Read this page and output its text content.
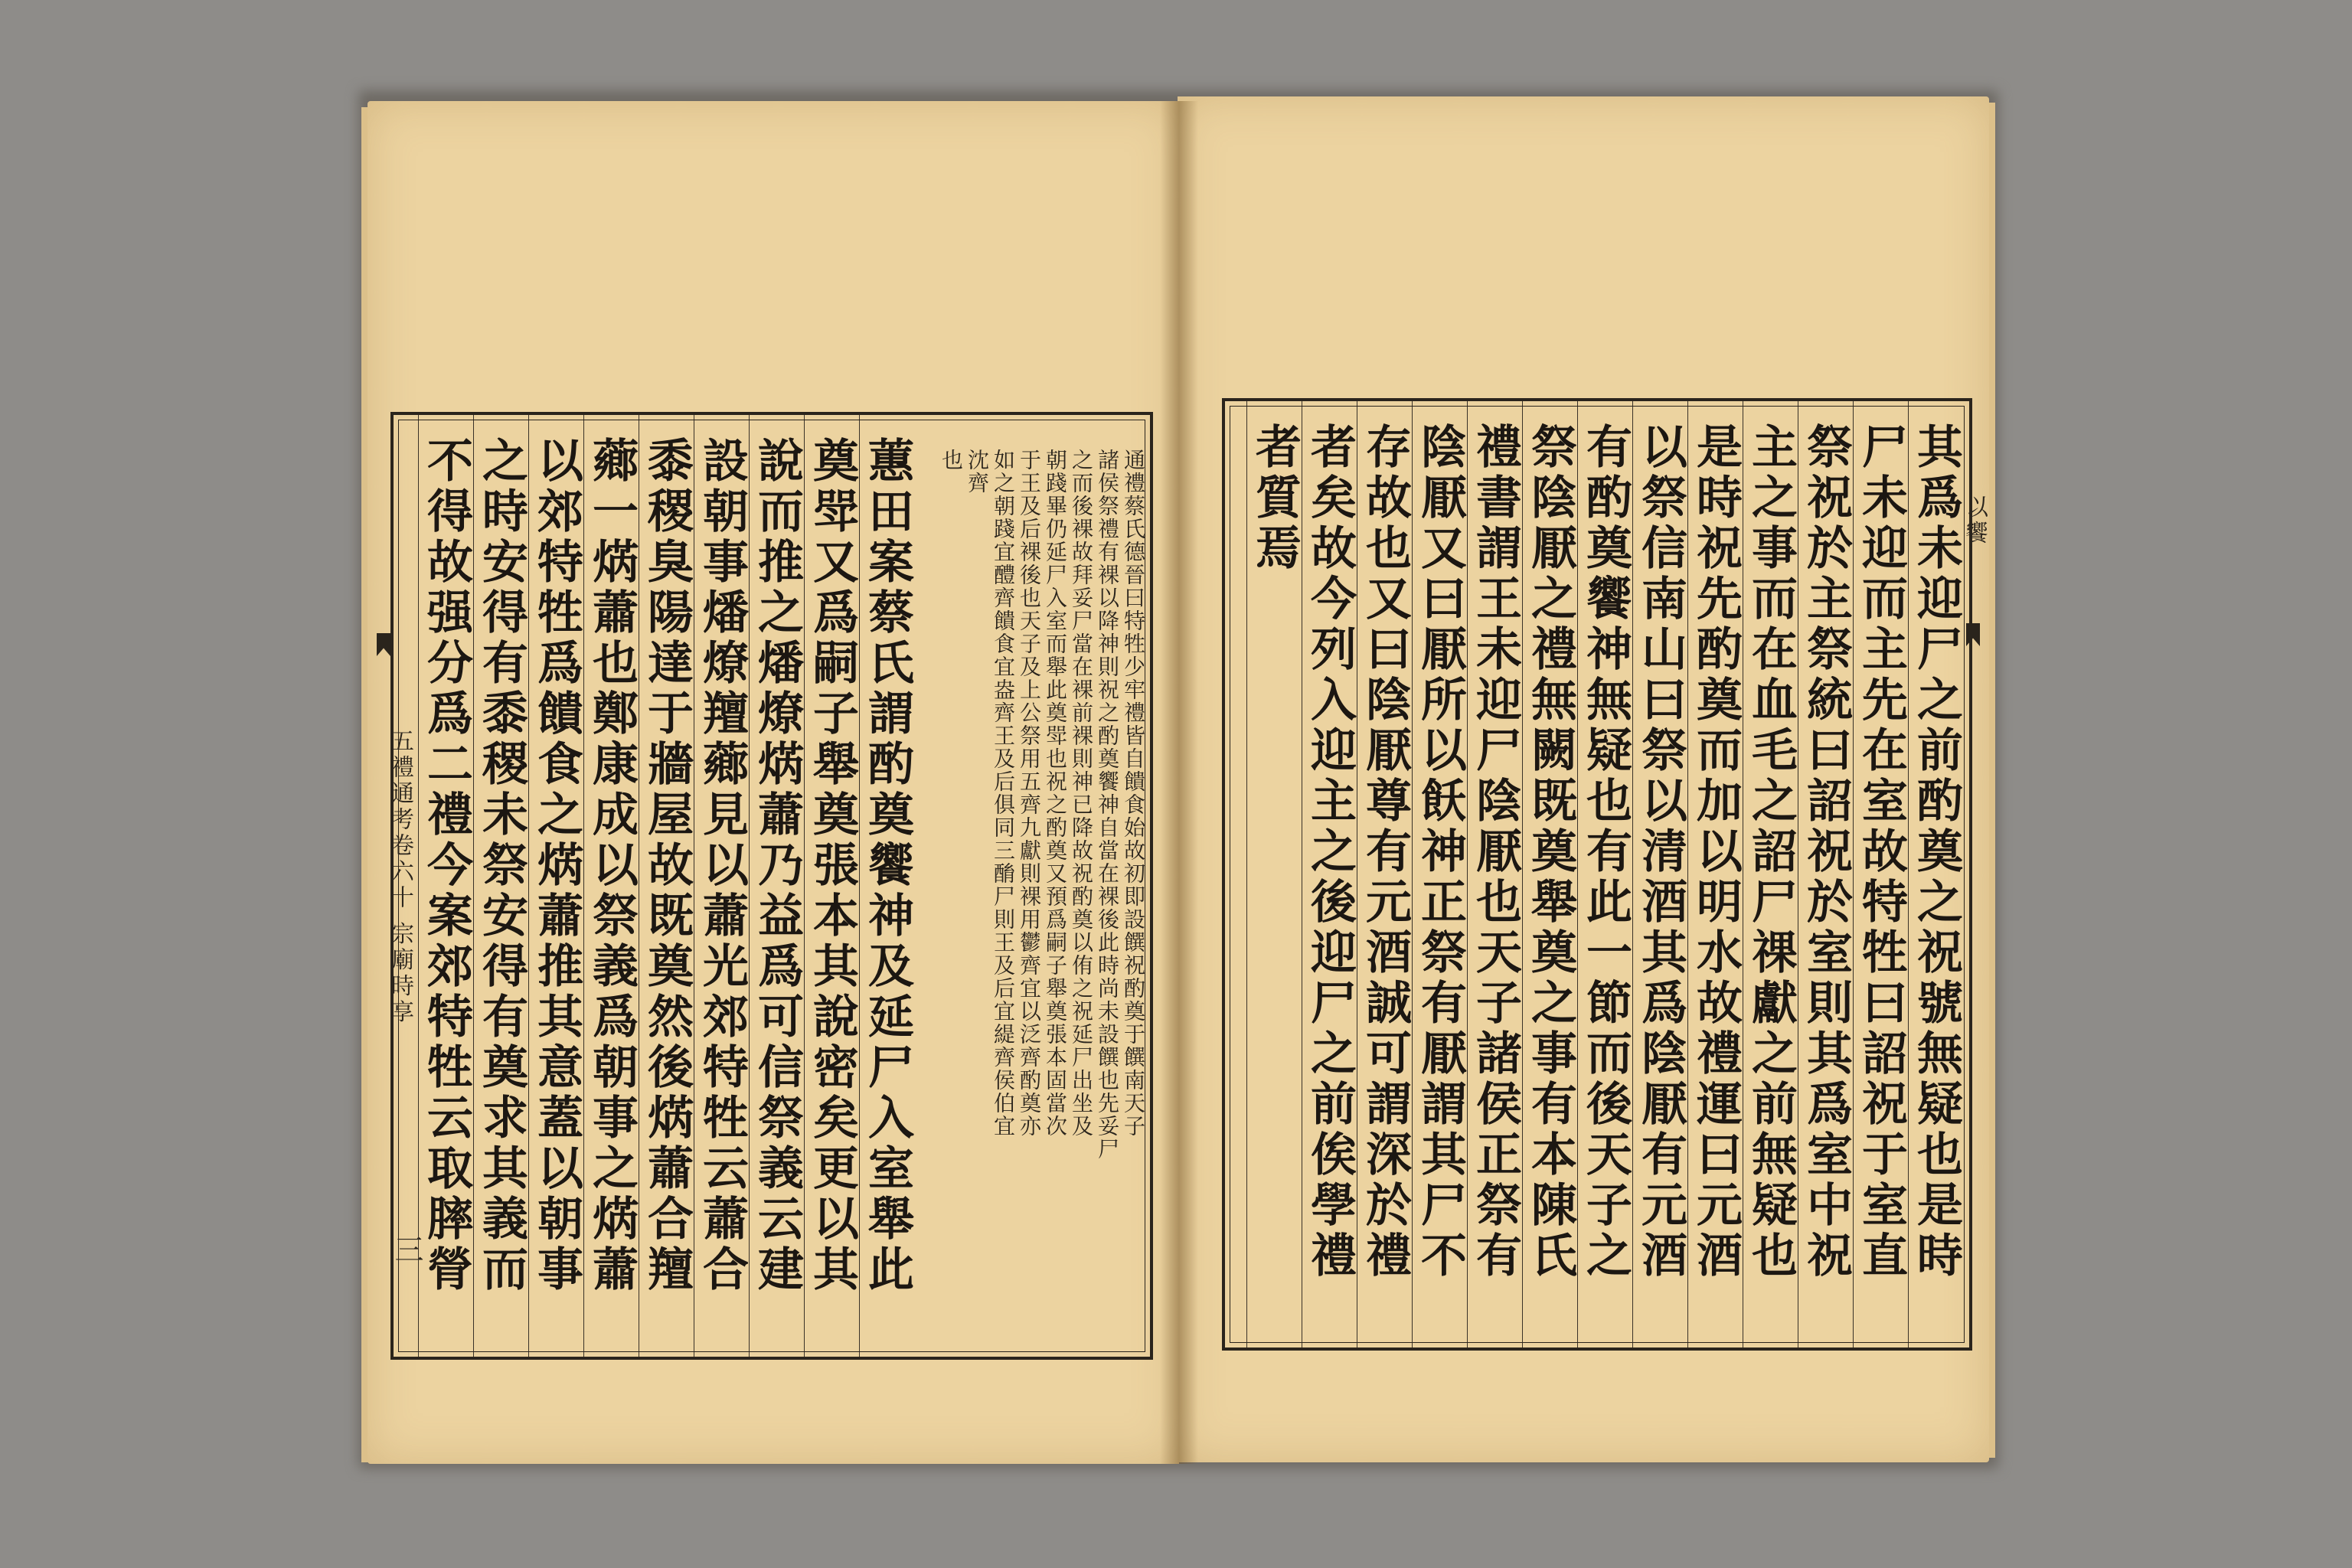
五禮通考卷六十 宗廟時享
三
以饗
通禮蔡氏德晉曰特牲少牢禮皆自饋食始故初即設饌祝酌奠于饌南天子
諸侯祭禮有裸以降神則祝之酌奠饗神自當在裸後此時尚未設饌也先妥尸
之而後裸故拜妥尸當在裸前裸則神已降故祝酌奠以侑之祝延尸出坐及
朝踐畢仍延尸入室而舉此奠斝也祝之酌奠又預爲嗣子舉奠張本固當次
于王及后裸後也天子及上公祭用五齊九獻則裸用鬱齊宜以泛齊酌奠亦
如之朝踐宜醴齊饋食宜盎齊王及后俱同三酳尸則王及后宜緹齊侯伯宜
沈齊
也
蕙田案蔡氏謂酌奠饗神及延尸入室舉此
奠斝又爲嗣子舉奠張本其說密矣更以其
說而推之燔燎焫蕭乃益爲可信祭義云建
設朝事燔燎羶薌見以蕭光郊特牲云蕭合
黍稷臭陽達于牆屋故既奠然後焫蕭合羶
薌一焫蕭也鄭康成以祭義爲朝事之焫蕭
以郊特牲爲饋食之焫蕭推其意蓋以朝事
之時安得有黍稷未祭安得有奠求其義而
不得故强分爲二禮今案郊特牲云取膟膋	其爲未迎尸之前酌奠之祝號無疑也是時
尸未迎而主先在室故特牲曰詔祝于室直
祭祝於主祭統曰詔祝於室則其爲室中祝
主之事而在血毛之詔尸祼獻之前無疑也
是時祝先酌奠而加以明水故禮運曰元酒
以祭信南山曰祭以清酒其爲陰厭有元酒
有酌奠饗神無疑也有此一節而後天子之
祭陰厭之禮無闕既奠舉奠之事有本陳氏
禮書謂王未迎尸陰厭也天子諸侯正祭有
陰厭又曰厭所以飫神正祭有厭謂其尸不
存故也又曰陰厭尊有元酒誠可謂深於禮
者矣故今列入迎主之後迎尸之前俟學禮
者質焉
